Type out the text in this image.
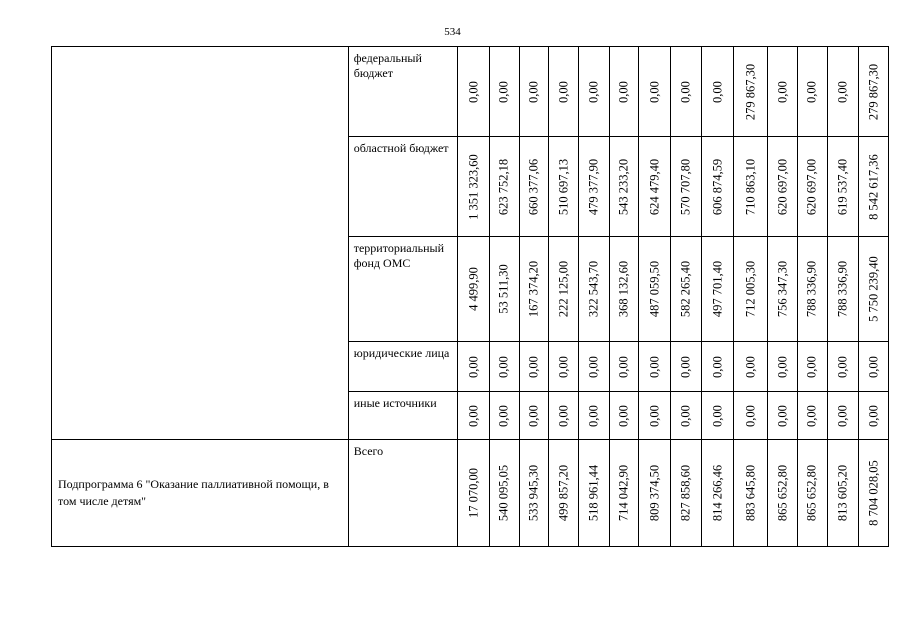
534
	федеральный бюджет	0,00	0,00	0,00	0,00	0,00	0,00	0,00	0,00	0,00	279 867,30	0,00	0,00	0,00	279 867,30

	областной бюджет	1 351 323,60	623 752,18	660 377,06	510 697,13	479 377,90	543 233,20	624 479,40	570 707,80	606 874,59	710 863,10	620 697,00	620 697,00	619 537,40	8 542 617,36

	территориальный фонд ОМС	4 499,90	53 511,30	167 374,20	222 125,00	322 543,70	368 132,60	487 059,50	582 265,40	497 701,40	712 005,30	756 347,30	788 336,90	788 336,90	5 750 239,40

	юридические лица	0,00	0,00	0,00	0,00	0,00	0,00	0,00	0,00	0,00	0,00	0,00	0,00	0,00	0,00

	иные источники	0,00	0,00	0,00	0,00	0,00	0,00	0,00	0,00	0,00	0,00	0,00	0,00	0,00	0,00

Подпрограмма 6 "Оказание паллиативной помощи, в том числе детям"	Всего	17 070,00	540 095,05	533 945,30	499 857,20	518 961,44	714 042,90	809 374,50	827 858,60	814 266,46	883 645,80	865 652,80	865 652,80	813 605,20	8 704 028,05
